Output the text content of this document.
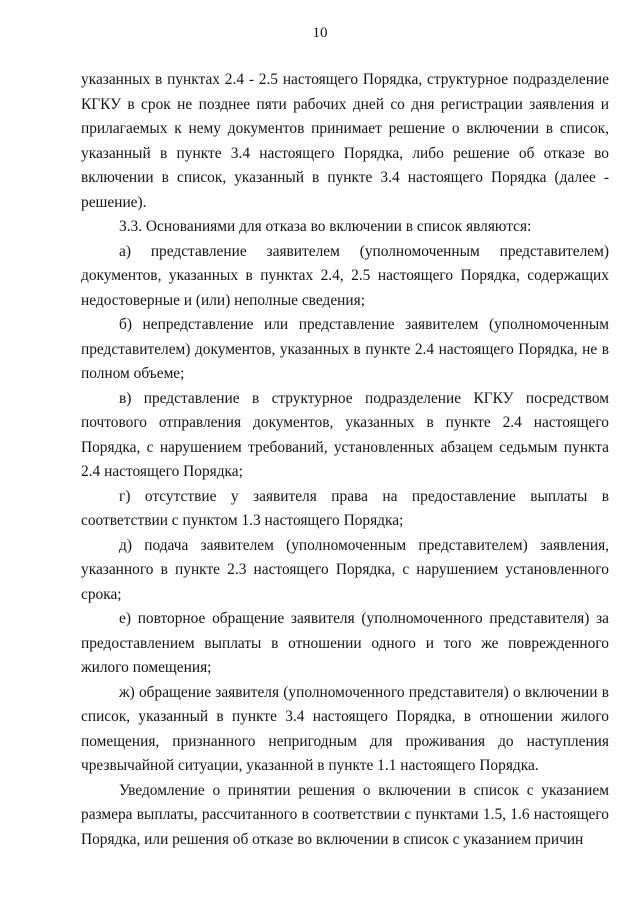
10

указанных в пунктах 2.4 - 2.5 настоящего Порядка, структурное подразделение КГКУ в срок не позднее пяти рабочих дней со дня регистрации заявления и прилагаемых к нему документов принимает решение о включении в список, указанный в пункте 3.4 настоящего Порядка, либо решение об отказе во включении в список, указанный в пункте 3.4 настоящего Порядка (далее - решение).

3.3. Основаниями для отказа во включении в список являются:

а) представление заявителем (уполномоченным представителем) документов, указанных в пунктах 2.4, 2.5 настоящего Порядка, содержащих недостоверные и (или) неполные сведения;

б) непредставление или представление заявителем (уполномоченным представителем) документов, указанных в пункте 2.4 настоящего Порядка, не в полном объеме;

в) представление в структурное подразделение КГКУ посредством почтового отправления документов, указанных в пункте 2.4 настоящего Порядка, с нарушением требований, установленных абзацем седьмым пункта 2.4 настоящего Порядка;

г) отсутствие у заявителя права на предоставление выплаты в соответствии с пунктом 1.3 настоящего Порядка;

д) подача заявителем (уполномоченным представителем) заявления, указанного в пункте 2.3 настоящего Порядка, с нарушением установленного срока;

е) повторное обращение заявителя (уполномоченного представителя) за предоставлением выплаты в отношении одного и того же поврежденного жилого помещения;

ж) обращение заявителя (уполномоченного представителя) о включении в список, указанный в пункте 3.4 настоящего Порядка, в отношении жилого помещения, признанного непригодным для проживания до наступления чрезвычайной ситуации, указанной в пункте 1.1 настоящего Порядка.

Уведомление о принятии решения о включении в список с указанием размера выплаты, рассчитанного в соответствии с пунктами 1.5, 1.6 настоящего Порядка, или решения об отказе во включении в список с указанием причин
